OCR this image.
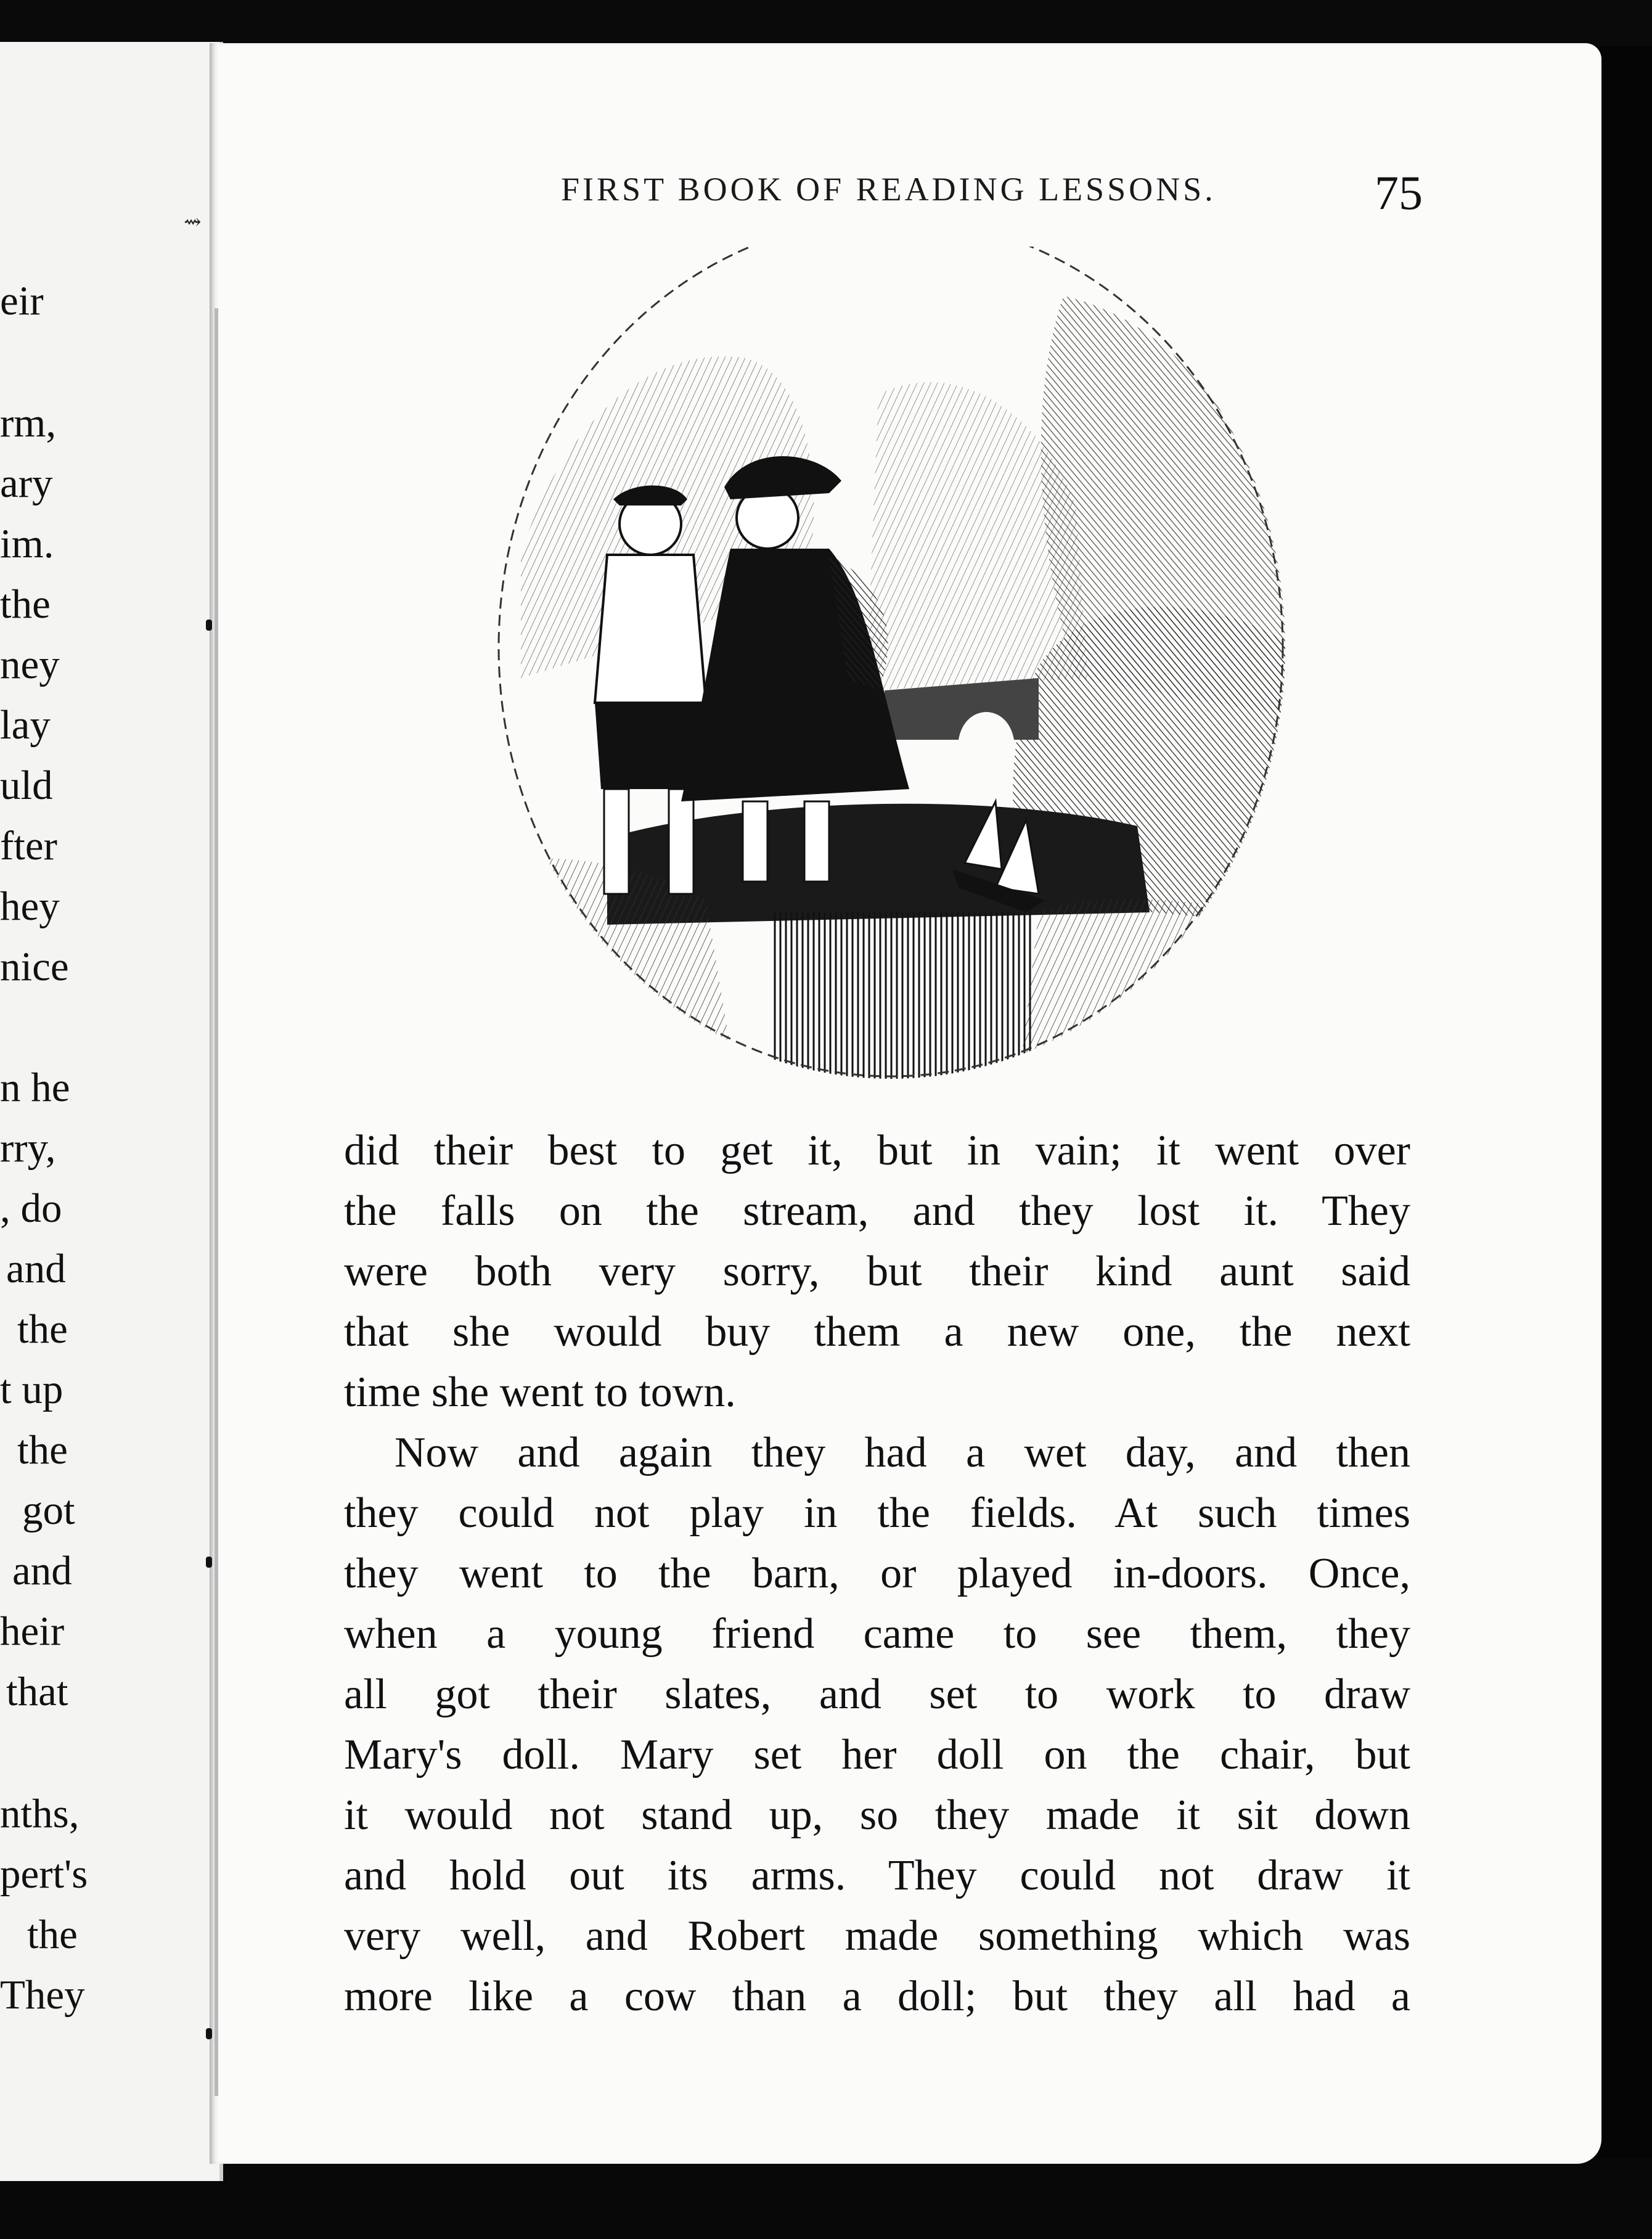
eir
rm,
ary
im.
the
ney
lay
uld
fter
hey
nice
n he
rry,
, do
and
the
t up
the
got
and
heir
that
nths,
pert's
the
They
⇝
FIRST BOOK OF READING LESSONS.	75
did their best to get it, but in vain; it went over
the falls on the stream, and they lost it. They
were both very sorry, but their kind aunt said
that she would buy them a new one, the next
time she went to town.
Now and again they had a wet day, and then
they could not play in the fields. At such times
they went to the barn, or played in-doors. Once,
when a young friend came to see them, they
all got their slates, and set to work to draw
Mary's doll. Mary set her doll on the chair, but
it would not stand up, so they made it sit down
and hold out its arms. They could not draw it
very well, and Robert made something which was
more like a cow than a doll; but they all had a
